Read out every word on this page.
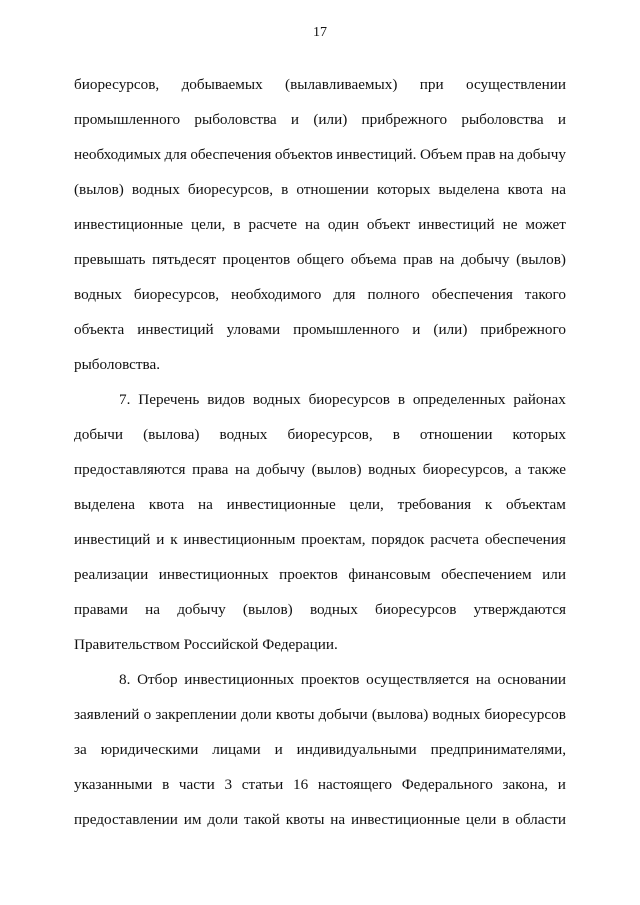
17
биоресурсов, добываемых (вылавливаемых) при осуществлении
промышленного рыболовства и (или) прибрежного рыболовства и
необходимых для обеспечения объектов инвестиций. Объем прав на добычу
(вылов) водных биоресурсов, в отношении которых выделена квота на
инвестиционные цели, в расчете на один объект инвестиций не может
превышать пятьдесят процентов общего объема прав на добычу (вылов)
водных биоресурсов, необходимого для полного обеспечения такого
объекта инвестиций уловами промышленного и (или) прибрежного
рыболовства.
7. Перечень видов водных биоресурсов в определенных районах
добычи (вылова) водных биоресурсов, в отношении которых
предоставляются права на добычу (вылов) водных биоресурсов, а также
выделена квота на инвестиционные цели, требования к объектам
инвестиций и к инвестиционным проектам, порядок расчета обеспечения
реализации инвестиционных проектов финансовым обеспечением или
правами на добычу (вылов) водных биоресурсов утверждаются
Правительством Российской Федерации.
8. Отбор инвестиционных проектов осуществляется на основании
заявлений о закреплении доли квоты добычи (вылова) водных биоресурсов
за юридическими лицами и индивидуальными предпринимателями,
указанными в части 3 статьи 16 настоящего Федерального закона, и
предоставлении им доли такой квоты на инвестиционные цели в области
